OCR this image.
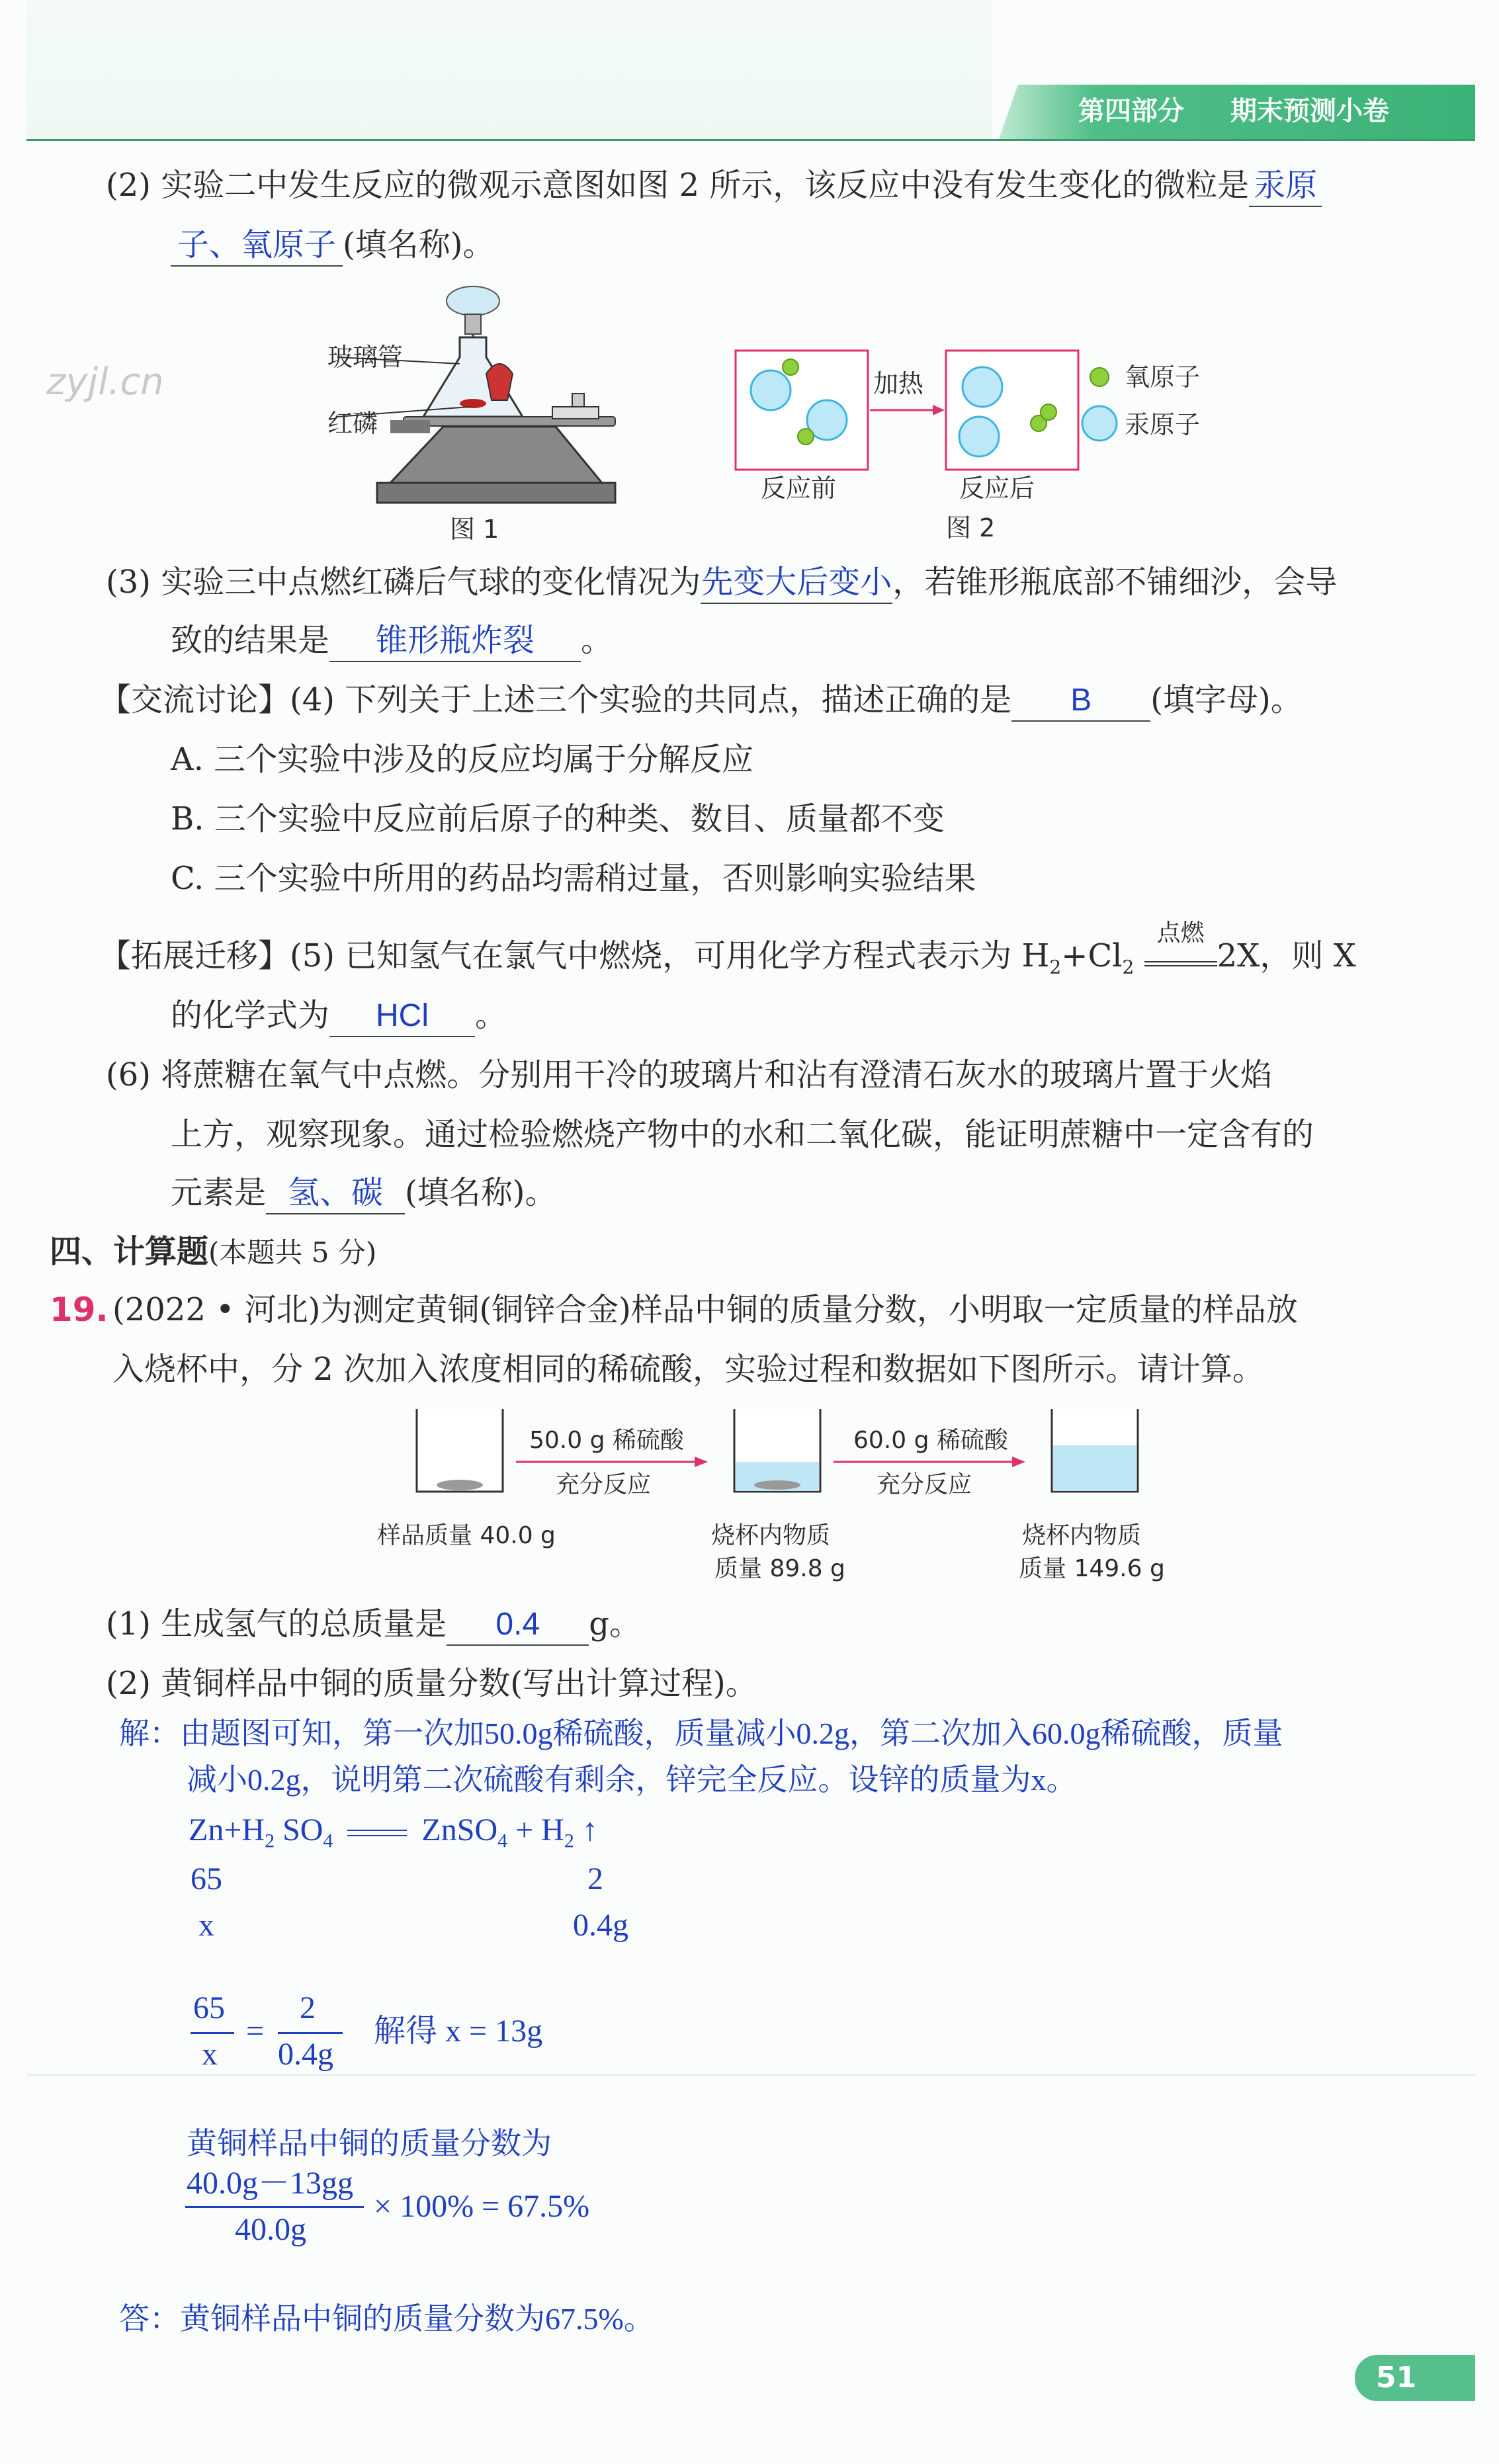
第四部分 期末预测小卷
zyjl.cn
(2) 实验二中发生反应的微观示意图如图 2 所示，该反应中没有发生变化的微粒是 汞原
子、氧原子 (填名称)。
玻璃管
红磷
图 1
加热	氧原子
汞原子
反应前	反应后
图 2
(3) 实验三中点燃红磷后气球的变化情况为先变大后变小，若锥形瓶底部不铺细沙，会导
致的结果是 锥形瓶炸裂 。
【交流讨论】(4) 下列关于上述三个实验的共同点，描述正确的是 B (填字母)。
A. 三个实验中涉及的反应均属于分解反应
B. 三个实验中反应前后原子的种类、数目、质量都不变
C. 三个实验中所用的药品均需稍过量，否则影响实验结果
【拓展迁移】(5) 已知氢气在氯气中燃烧，可用化学方程式表示为 $H_2+Cl_2$
点燃
2X，则 X
的化学式为 HCl 。
(6) 将蔗糖在氧气中点燃。分别用干冷的玻璃片和沾有澄清石灰水的玻璃片置于火焰
上方，观察现象。通过检验燃烧产物中的水和二氧化碳，能证明蔗糖中一定含有的
元素是 氢、碳 (填名称)。
四、计算题(本题共 5 分)
19. (2022 • 河北)为测定黄铜(铜锌合金)样品中铜的质量分数，小明取一定质量的样品放
入烧杯中，分 2 次加入浓度相同的稀硫酸，实验过程和数据如下图所示。请计算。
50.0 g 稀硫酸
充分反应
60.0 g 稀硫酸
充分反应
样品质量 40.0 g	烧杯内物质
质量 89.8 g
烧杯内物质
质量 149.6 g
(1) 生成氢气的总质量是 0.4 g。
(2) 黄铜样品中铜的质量分数(写出计算过程)。
解：由题图可知，第一次加50.0g稀硫酸，质量减小0.2g，第二次加入60.0g稀硫酸，质量
减小0.2g，说明第二次硫酸有剩余，锌完全反应。设锌的质量为x。
$Zn+H_2$ $SO_4$	ZnSO$_4$ + $H_2$ ↑
65	2
x	0.4g
65
x
=
2
0.4g
解得 x = 13g
黄铜样品中铜的质量分数为
40.0g－13gg
40.0g
× 100% = 67.5%
答：黄铜样品中铜的质量分数为67.5%。
51
